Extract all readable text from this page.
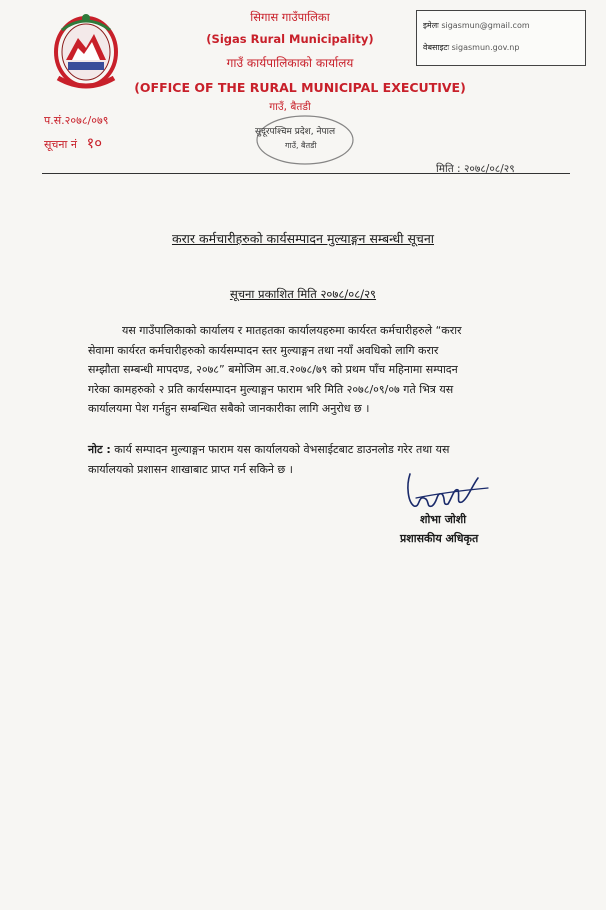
सिगास गाउँपालिका
(Sigas Rural Municipality)
गाउँ कार्यपालिकाको कार्यालय
(OFFICE OF THE RURAL MUNICIPAL EXECUTIVE)
गाउँ, बैतडी
इमेलः sigasmun@gmail.com
वेबसाइटः sigasmun.gov.np
प.सं.२०७८/०७९
सूचना नं १०
सुदूरपश्चिम प्रदेश, नेपाल
गाउँ, बैतडी
मिति : २०७८/०८/२९
करार कर्मचारीहरुको कार्यसम्पादन मुल्याङ्गन सम्बन्धी सूचना
सूचना प्रकाशित मिति २०७८/०८/२९
यस गाउँपालिकाको कार्यालय र मातहतका कार्यालयहरुमा कार्यरत कर्मचारीहरुले “करार
सेवामा कार्यरत कर्मचारीहरुको कार्यसम्पादन स्तर मुल्याङ्गन तथा नयाँ अवधिको लागि करार
सम्झौता सम्बन्धी मापदण्ड, २०७८” बमोजिम आ.व.२०७८/७९ को प्रथम पाँच महिनामा सम्पादन
गरेका कामहरुको २ प्रति कार्यसम्पादन मुल्याङ्गन फाराम भरि मिति २०७८/०९/०७ गते भित्र यस
कार्यालयमा पेश गर्नहुन सम्बन्धित सबैको जानकारीका लागि अनुरोध छ ।
नोट : कार्य सम्पादन मुल्याङ्गन फाराम यस कार्यालयको वेभसाईटबाट डाउनलोड गरेर तथा यस
कार्यालयको प्रशासन शाखाबाट प्राप्त गर्न सकिने छ ।
शोभा जोशी
प्रशासकीय अधिकृत
